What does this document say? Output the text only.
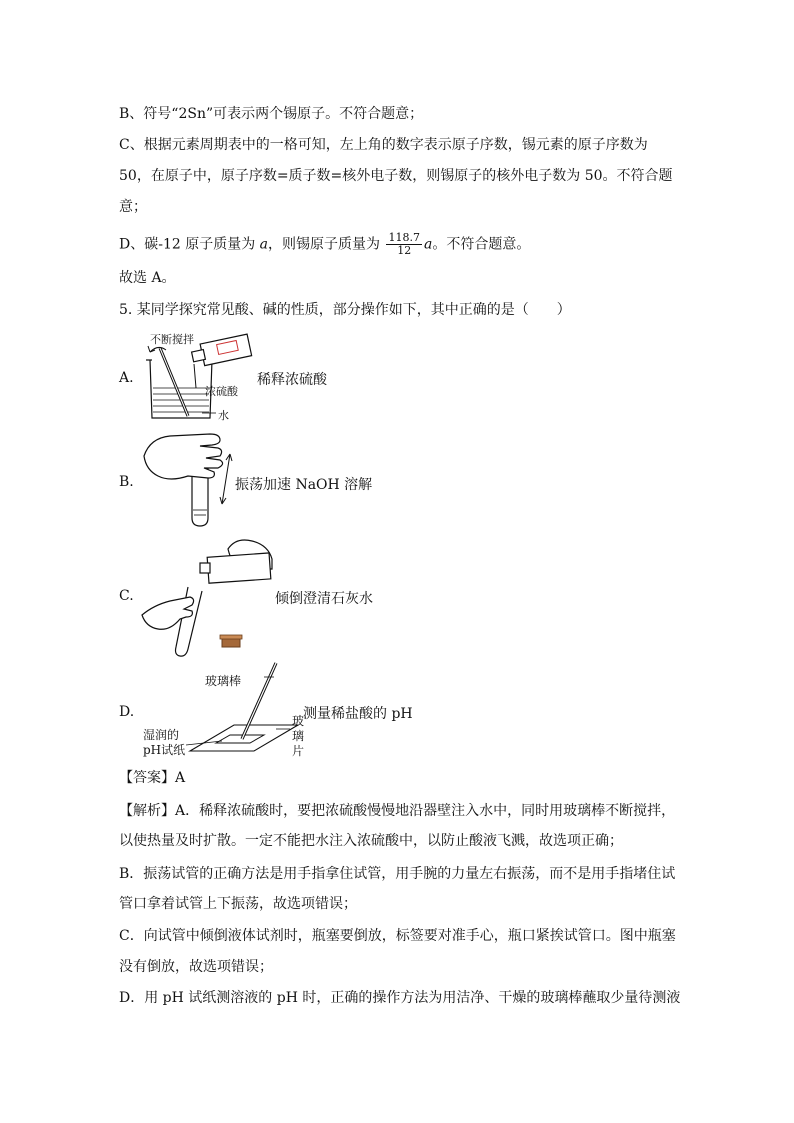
B、符号“2Sn”可表示两个锡原子。不符合题意；
C、根据元素周期表中的一格可知，左上角的数字表示原子序数，锡元素的原子序数为
50，在原子中，原子序数=质子数=核外电子数，则锡原子的核外电子数为 50。不符合题
意；
D、碳-12 原子质量为 a，则锡原子质量为 $\frac{118.7}{12}$ a。不符合题意。
故选 A。
5. 某同学探究常见酸、碱的性质，部分操作如下，其中正确的是（　　）
A.
不断搅拌
浓硫酸
水
稀释浓硫酸
B.	振荡加速 NaOH 溶解
C.	倾倒澄清石灰水
D.
玻璃棒
湿润的
pH试纸
玻
璃
片
测量稀盐酸的 pH
【答案】A
【解析】A．稀释浓硫酸时，要把浓硫酸慢慢地沿器壁注入水中，同时用玻璃棒不断搅拌，
以使热量及时扩散。一定不能把水注入浓硫酸中，以防止酸液飞溅，故选项正确；
B．振荡试管的正确方法是用手指拿住试管，用手腕的力量左右振荡，而不是用手指堵住试
管口拿着试管上下振荡，故选项错误；
C．向试管中倾倒液体试剂时，瓶塞要倒放，标签要对准手心，瓶口紧挨试管口。图中瓶塞
没有倒放，故选项错误；
D．用 pH 试纸测溶液的 pH 时，正确的操作方法为用洁净、干燥的玻璃棒蘸取少量待测液
